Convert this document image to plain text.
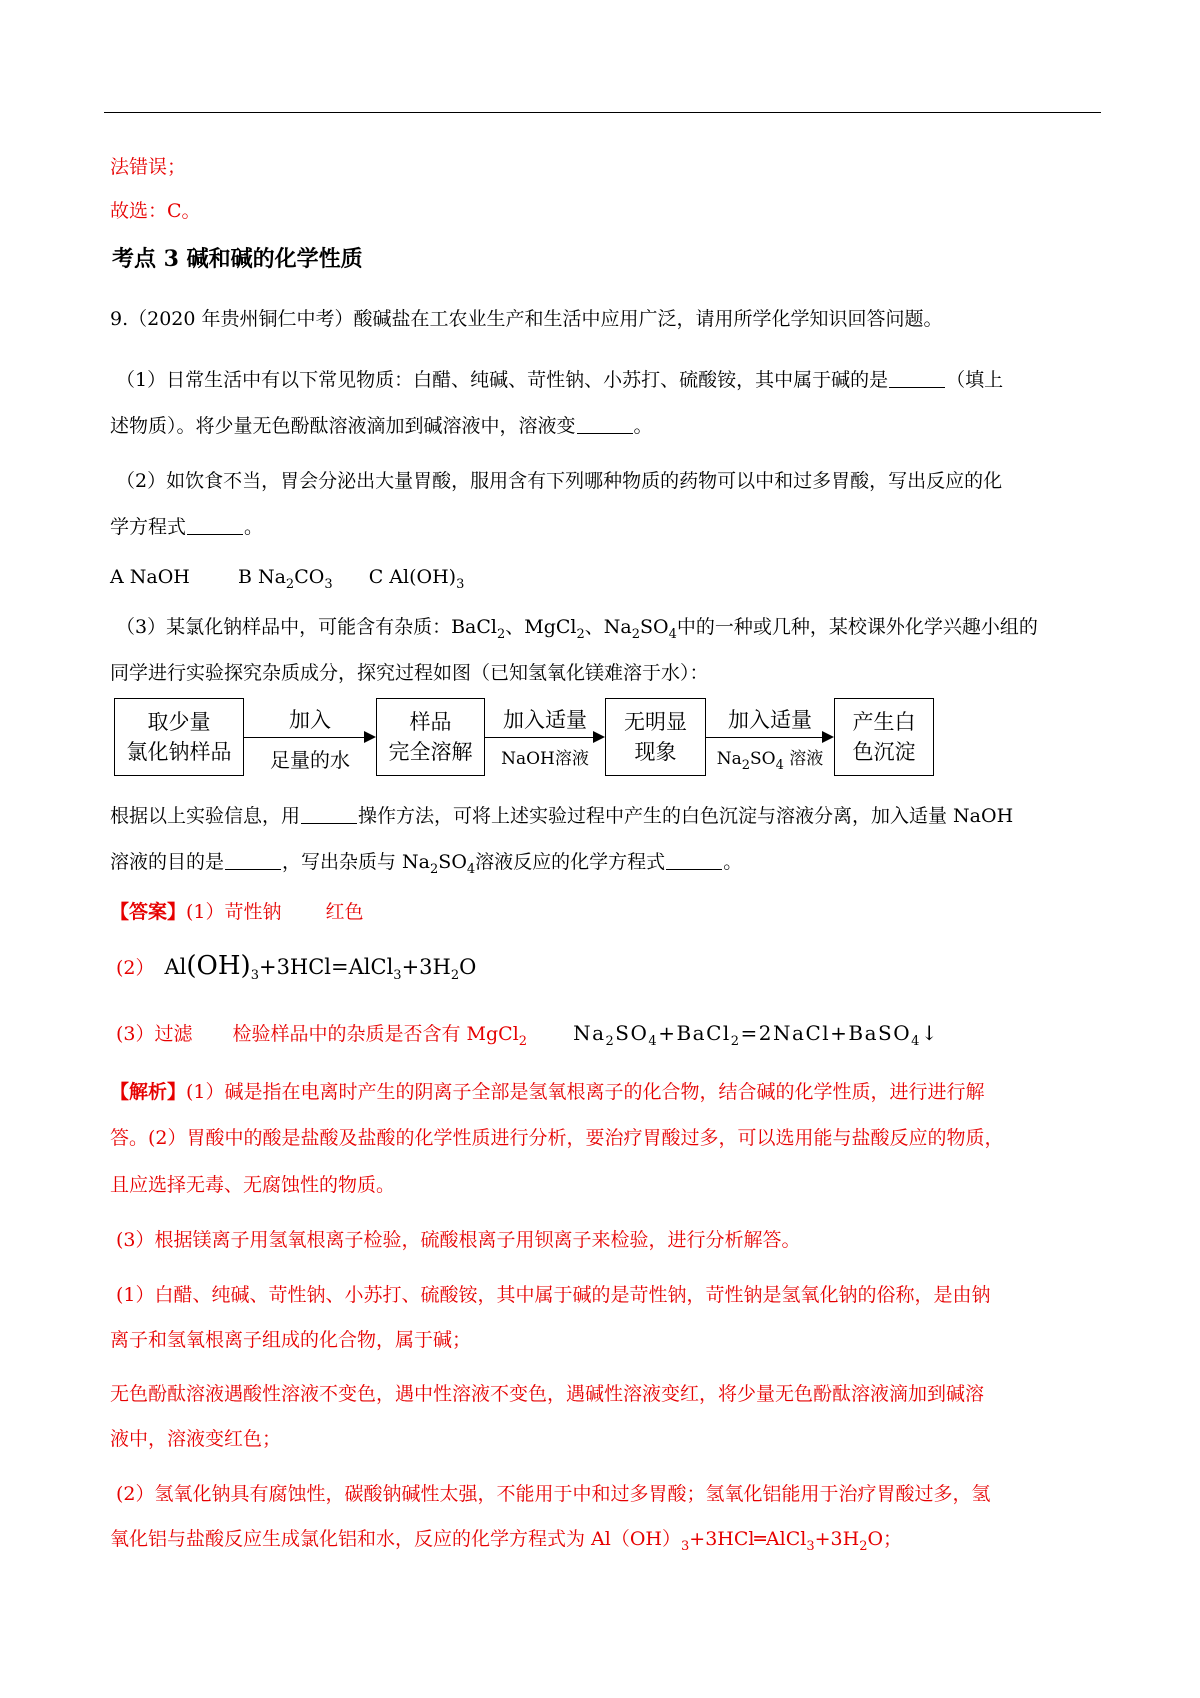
法错误；
故选：C。
考点 3 碱和碱的化学性质
9.（2020 年贵州铜仁中考）酸碱盐在工农业生产和生活中应用广泛，请用所学化学知识回答问题。
（1）日常生活中有以下常见物质：白醋、纯碱、苛性钠、小苏打、硫酸铵，其中属于碱的是	（填上
述物质）。将少量无色酚酞溶液滴加到碱溶液中，溶液变	。
（2）如饮食不当，胃会分泌出大量胃酸，服用含有下列哪种物质的药物可以中和过多胃酸，写出反应的化
学方程式	。
A NaOH	B $Na_2CO_3$ C $Al(OH)_3$
（3）某氯化钠样品中，可能含有杂质：BaCl$_2$、MgCl$_2$、$Na_2SO_4$中的一种或几种，某校课外化学兴趣小组的
同学进行实验探究杂质成分，探究过程如图（已知氢氧化镁难溶于水）：
取少量
氯化钠样品
加入
足量的水
样品
完全溶解
加入适量
NaOH溶液
无明显
现象
加入适量
$Na_2SO_4$ 溶液
产生白
色沉淀
根据以上实验信息，用	操作方法，可将上述实验过程中产生的白色沉淀与溶液分离，加入适量 NaOH
溶液的目的是	，写出杂质与 $Na_2SO_4$溶液反应的化学方程式	。
【答案】(1）苛性钠 红色
(2） $Al(OH)_3+3HCl=AlCl_3+3H_2O$
(3）过滤 检验样品中的杂质是否含有 MgCl$_2$ $Na_2SO_4+BaCl_2=2NaCl+BaSO_4↓$
【解析】(1）碱是指在电离时产生的阴离子全部是氢氧根离子的化合物，结合碱的化学性质，进行进行解
答。(2）胃酸中的酸是盐酸及盐酸的化学性质进行分析，要治疗胃酸过多，可以选用能与盐酸反应的物质，
且应选择无毒、无腐蚀性的物质。
(3）根据镁离子用氢氧根离子检验，硫酸根离子用钡离子来检验，进行分析解答。
(1）白醋、纯碱、苛性钠、小苏打、硫酸铵，其中属于碱的是苛性钠，苛性钠是氢氧化钠的俗称，是由钠
离子和氢氧根离子组成的化合物，属于碱；
无色酚酞溶液遇酸性溶液不变色，遇中性溶液不变色，遇碱性溶液变红，将少量无色酚酞溶液滴加到碱溶
液中，溶液变红色；
(2）氢氧化钠具有腐蚀性，碳酸钠碱性太强，不能用于中和过多胃酸；氢氧化铝能用于治疗胃酸过多，氢
氧化铝与盐酸反应生成氯化铝和水，反应的化学方程式为 $Al(OH)_3+3HCl═AlCl_3+3H_2O$；
